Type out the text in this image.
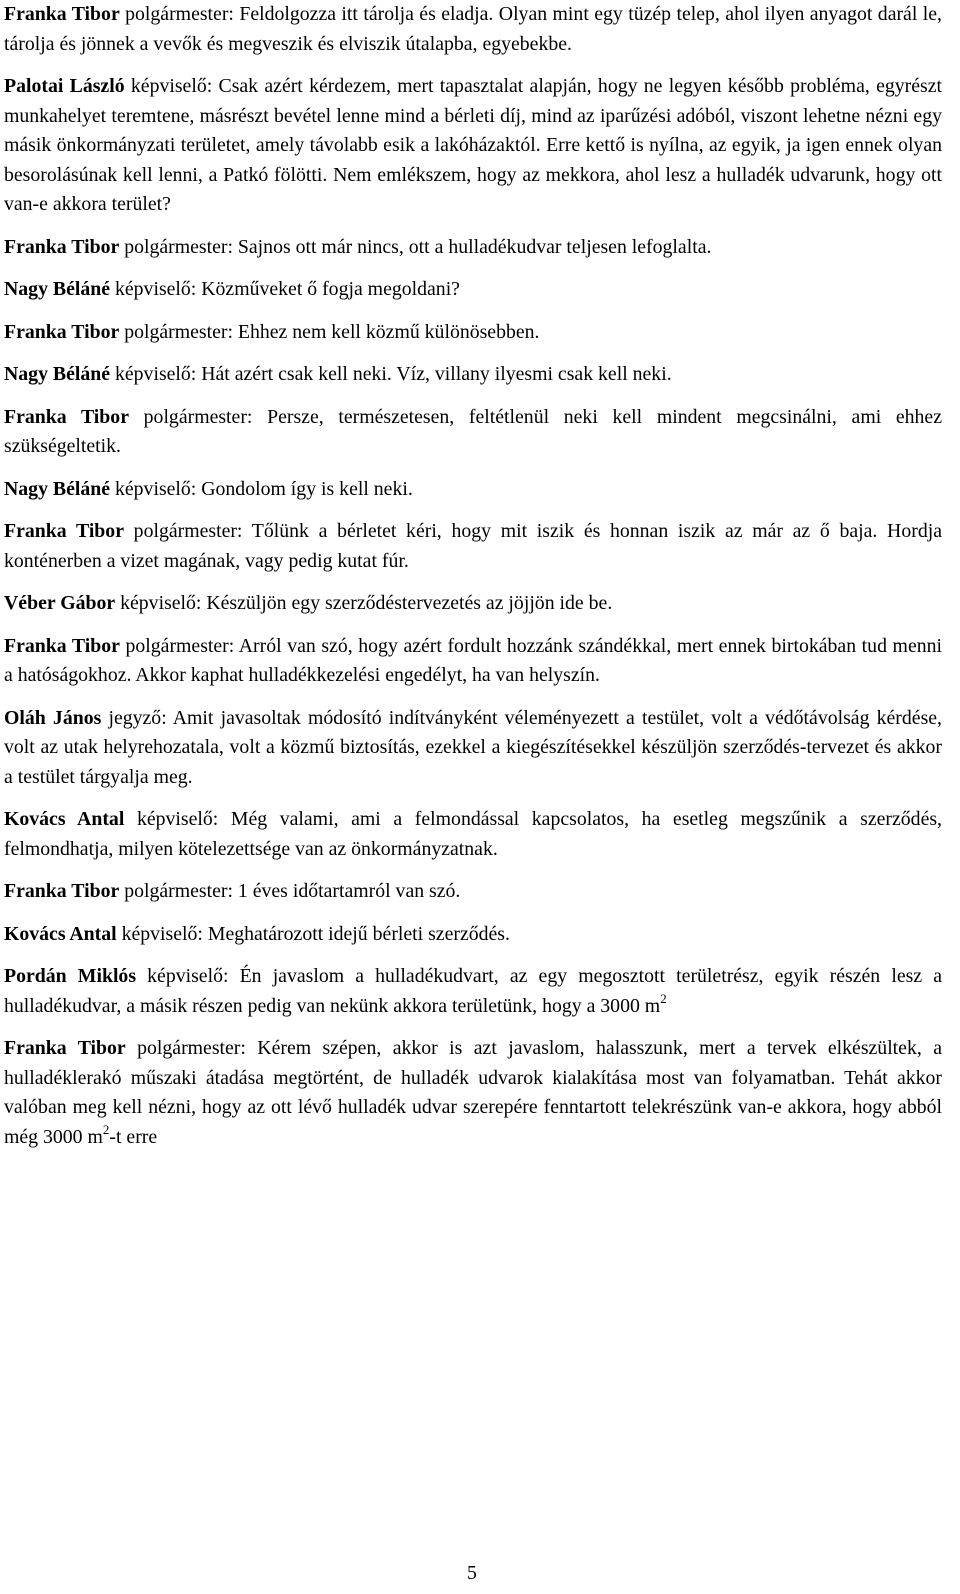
Franka Tibor polgármester: Feldolgozza itt tárolja és eladja. Olyan mint egy tüzép telep, ahol ilyen anyagot darál le, tárolja és jönnek a vevők és megveszik és elviszik útalapba, egyebekbe.

Palotai László képviselő: Csak azért kérdezem, mert tapasztalat alapján, hogy ne legyen később probléma, egyrészt munkahelyet teremtene, másrészt bevétel lenne mind a bérleti díj, mind az iparűzési adóból, viszont lehetne nézni egy másik önkormányzati területet, amely távolabb esik a lakóházaktól. Erre kettő is nyílna, az egyik, ja igen ennek olyan besorolásúnak kell lenni, a Patkó fölötti. Nem emlékszem, hogy az mekkora, ahol lesz a hulladék udvarunk, hogy ott van-e akkora terület?

Franka Tibor polgármester: Sajnos ott már nincs, ott a hulladékudvar teljesen lefoglalta.

Nagy Béláné képviselő: Közműveket ő fogja megoldani?

Franka Tibor polgármester: Ehhez nem kell közmű különösebben.

Nagy Béláné képviselő: Hát azért csak kell neki. Víz, villany ilyesmi csak kell neki.

Franka Tibor polgármester: Persze, természetesen, feltétlenül neki kell mindent megcsinálni, ami ehhez szükségeltetik.

Nagy Béláné képviselő: Gondolom így is kell neki.

Franka Tibor polgármester: Tőlünk a bérletet kéri, hogy mit iszik és honnan iszik az már az ő baja. Hordja konténerben a vizet magának, vagy pedig kutat fúr.

Véber Gábor képviselő: Készüljön egy szerződéstervezetés az jöjjön ide be.

Franka Tibor polgármester: Arról van szó, hogy azért fordult hozzánk szándékkal, mert ennek birtokában tud menni a hatóságokhoz. Akkor kaphat hulladékkezelési engedélyt, ha van helyszín.

Oláh János jegyző: Amit javasoltak módosító indítványként véleményezett a testület, volt a védőtávolság kérdése, volt az utak helyrehozatala, volt a közmű biztosítás, ezekkel a kiegészítésekkel készüljön szerződés-tervezet és akkor a testület tárgyalja meg.

Kovács Antal képviselő: Még valami, ami a felmondással kapcsolatos, ha esetleg megszűnik a szerződés, felmondhatja, milyen kötelezettsége van az önkormányzatnak.

Franka Tibor polgármester: 1 éves időtartamról van szó.

Kovács Antal képviselő: Meghatározott idejű bérleti szerződés.

Pordán Miklós képviselő: Én javaslom a hulladékudvart, az egy megosztott területrész, egyik részén lesz a hulladékudvar, a másik részen pedig van nekünk akkora területünk, hogy a 3000 $m^2$

Franka Tibor polgármester: Kérem szépen, akkor is azt javaslom, halasszunk, mert a tervek elkészültek, a hulladéklerakó műszaki átadása megtörtént, de hulladék udvarok kialakítása most van folyamatban. Tehát akkor valóban meg kell nézni, hogy az ott lévő hulladék udvar szerepére fenntartott telekrészünk van-e akkora, hogy abból még 3000 $m^2-t$ erre

5
